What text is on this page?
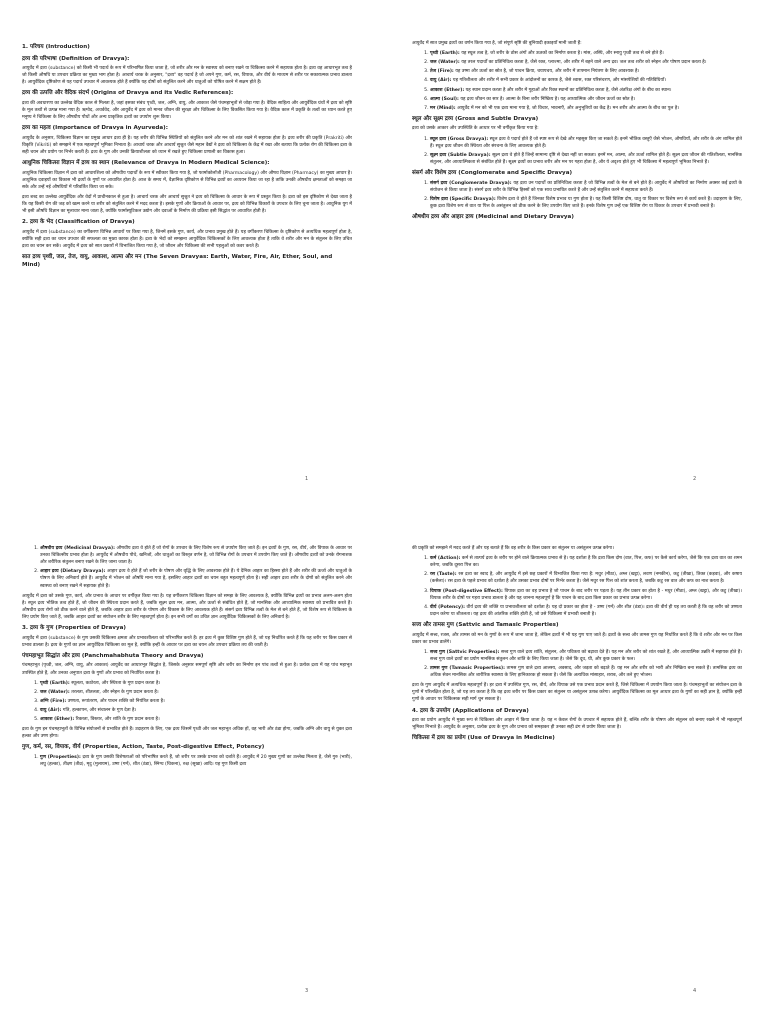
1. परिचय (Introduction)
द्रव्य की परिभाषा (Definition of Dravya):

आयुर्वेद में द्रव्य (substance) को किसी भी पदार्थ के रूप में परिभाषित किया जाता है, जो शरीर और मन के स्वास्थ्य को बनाए रखने या चिकित्सा करने में सहायक होता है। द्रव्य वह आधारभूत तत्व है जो किसी औषधि या उपचार प्रक्रिया का मुख्य भाग होता है। आचार्य चरक के अनुसार, "द्रव्य" वह पदार्थ है जो अपने गुण, कर्म, रस, विपाक, और वीर्य के माध्यम से शरीर पर सकारात्मक प्रभाव डालता है। आयुर्वेदिक दृष्टिकोण से यह पदार्थ उपचार में आवश्यक होते हैं क्योंकि यह दोषों को संतुलित करने और धातुओं को पोषित करने में सक्षम होते हैं।

द्रव्य की उत्पत्ति और वैदिक संदर्भ (Origins of Dravya and its Vedic References):

द्रव्य की अवधारणा का उल्लेख वैदिक काल से मिलता है, जहां इसका संबंध पृथ्वी, जल, अग्नि, वायु, और आकाश जैसे पंचमहाभूतों से जोड़ा गया है। वैदिक साहित्य और आयुर्वेदिक ग्रंथों में द्रव्य को सृष्टि के मूल तत्वों से उत्पन्न माना गया है। ऋग्वेद, अथर्ववेद, और आयुर्वेद में द्रव्य को मानव जीवन की सुरक्षा और चिकित्सा के लिए विकसित किया गया है। वैदिक काल में प्रकृति के तत्वों का ध्यान करते हुए मनुष्य ने चिकित्सा के लिए औषधीय पौधों और अन्य प्राकृतिक द्रव्यों का उपयोग शुरू किया।

द्रव्य का महत्व (Importance of Dravya in Ayurveda):

आयुर्वेद के अनुसार, चिकित्सा विज्ञान का प्रमुख आधार द्रव्य ही है। यह शरीर की विभिन्न स्थितियों को संतुलित करने और मन को शांत रखने में सहायक होता है। द्रव्य शरीर की प्रकृति (Prakriti) और विकृति (Vikriti) को समझने में एक महत्वपूर्ण भूमिका निभाता है। आचार्य चरक और आचार्य सुश्रुत जैसे महान वैद्यों ने द्रव्य को चिकित्सा के केंद्र में रखा और बताया कि प्रत्येक रोग की चिकित्सा द्रव्य के सही चयन और प्रयोग पर निर्भर करती है। द्रव्य के गुण और उनकी क्रियाशीलता को ध्यान में रखते हुए चिकित्सा प्रणाली का विकास हुआ।

आधुनिक चिकित्सा विज्ञान में द्रव्य का स्थान (Relevance of Dravya in Modern Medical Science):

आधुनिक चिकित्सा विज्ञान में द्रव्य को आधारशिला को औषधीय पदार्थों के रूप में स्वीकार किया गया है, जो फार्माकोलॉजी (Pharmacology) और औषध विज्ञान (Pharmacy) का मुख्य आधार है। आधुनिक दवाइयों का विकास भी द्रव्यों के गुणों पर आधारित होता है। आज के समय में, वैज्ञानिक दृष्टिकोण से विभिन्न द्रव्यों का अध्ययन किया जा रहा है ताकि उनकी औषधीय क्षमताओं को समझा जा सके और उन्हें नई औषधियों में परिवर्तित किया जा सके।

द्रव्य शब्द का उल्लेख आयुर्वेदिक और वेदों में प्राचीनकाल से हुआ है। आचार्य चरक और आचार्य सुश्रुत ने द्रव्य को चिकित्सा के आधार के रूप में प्रस्तुत किया है। द्रव्य को इस दृष्टिकोण से देखा जाता है कि यह किसी रोग की जड़ को खत्म करने या शरीर को संतुलित करने में मदद करता है। इसके गुणों और क्रियाओं के आधार पर, द्रव्य को विभिन्न विकारों के उपचार के लिए चुना जाता है। आधुनिक युग में भी इसी औषधि विज्ञान का मूलाधार माना जाता है, क्योंकि फार्मास्यूटिकल उद्योग और दवाओं के निर्माण की प्रक्रिया इसी सिद्धांत पर आधारित होती है।

2. द्रव्य के भेद (Classification of Dravya)

आयुर्वेद में द्रव्य (substance) का वर्गीकरण विभिन्न आधारों पर किया गया है, जिनमें इसके गुण, कार्य, और प्रभाव प्रमुख होते हैं। यह वर्गीकरण चिकित्सा के दृष्टिकोण से अत्यधिक महत्वपूर्ण होता है, क्योंकि सही द्रव्य का चयन उपचार की सफलता का मुख्य कारक होता है। द्रव्य के भेदों को समझना आयुर्वेदिक चिकित्सकों के लिए आवश्यक होता है ताकि वे शरीर और मन के संतुलन के लिए उचित द्रव्य का चयन कर सकें। आयुर्वेद में द्रव्य को सात प्रकारों में विभाजित किया गया है, जो जीवन और चिकित्सा की सभी पहलुओं को कवर करते हैं।

सात द्रव्य पृथ्वी, जल, तेज, वायु, आकाश, आत्मा और मन (The Seven Dravyas: Earth, Water, Fire, Air, Ether, Soul, and Mind)

आयुर्वेद में सात प्रमुख द्रव्यों का वर्णन किया गया है, जो संपूर्ण सृष्टि की बुनियादी इकाइयाँ मानी जाती हैं:

1. पृथ्वी (Earth): यह स्थूल तत्व है, जो शरीर के ठोस अंगों और ऊतकों का निर्माण करता है। मांस, अस्थि, और स्नायु पृथ्वी तत्व से बने होते हैं।
2. जल (Water): यह तरल पदार्थों का प्रतिनिधित्व करता है, जैसे रक्त, प्लाज्मा, और शरीर में बहने वाले अन्य द्रव। जल तत्व शरीर को स्नेहन और पोषण प्रदान करता है।
3. तेज (Fire): यह उष्मा और ऊर्जा का स्रोत है, जो पाचन क्रिया, चयापचय, और शरीर में तापमान नियंत्रण के लिए आवश्यक है।
4. वायु (Air): यह गतिशीलता और शरीर में सभी प्रकार के आंदोलनों का कारक है, जैसे श्वास, रक्त परिसंचरण, और मांसपेशियों की गतिविधियाँ।
5. आकाश (Ether): यह स्थान प्रदान करता है और शरीर में गुहाओं और रिक्त स्थानों का प्रतिनिधित्व करता है, जैसे अंतरिक्ष अंगों के बीच का स्थान।
6. आत्मा (Soul): यह द्रव्य जीवन का सार है। आत्मा के बिना शरीर निष्क्रिय है। यह आध्यात्मिक और जीवन ऊर्जा का स्रोत है।
7. मन (Mind): आयुर्वेद में मन को भी एक द्रव्य माना गया है, जो विचार, भावनाएँ, और अनुभूतियों का केंद्र है। मन शरीर और आत्मा के बीच का पुल है।
स्थूल और सूक्ष्म द्रव्य (Gross and Subtle Dravya)

द्रव्य को उसके आकार और उपस्थिति के आधार पर भी वर्गीकृत किया गया है:

1. स्थूल द्रव्य (Gross Dravya): स्थूल द्रव्य वे पदार्थ होते हैं जो स्पष्ट रूप से देखे और महसूस किए जा सकते हैं। इनमें भौतिक वस्तुएँ जैसे भोजन, औषधियाँ, और शरीर के अंग शामिल होते हैं। स्थूल द्रव्य जीवन की स्थिरता और संरचना के लिए आवश्यक होते हैं।
2. सूक्ष्म द्रव्य (Subtle Dravya): सूक्ष्म द्रव्य वे होते हैं जिन्हें सामान्य दृष्टि से देखा नहीं जा सकता। इनमें मन, आत्मा, और ऊर्जा शामिल होते हैं। सूक्ष्म द्रव्य जीवन की गतिशीलता, मानसिक संतुलन, और आध्यात्मिकता से संबंधित होते हैं। सूक्ष्म द्रव्यों का प्रभाव शरीर और मन पर गहरा होता है, और ये अदृश्य होते हुए भी चिकित्सा में महत्वपूर्ण भूमिका निभाते हैं।
संसर्ग और विशेष द्रव्य (Conglomerate and Specific Dravya)
1. संसर्ग द्रव्य (Conglomerate Dravya): यह द्रव्य उन पदार्थों का प्रतिनिधित्व करता है जो विभिन्न तत्वों के मेल से बने होते हैं। आयुर्वेद में औषधियों का निर्माण अक्सर कई द्रव्यों के संयोजन से किया जाता है। संसर्ग द्रव्य शरीर के विभिन्न हिस्सों को एक साथ प्रभावित करते हैं और उन्हें संतुलित करने में सहायता करते हैं।
2. विशेष द्रव्य (Specific Dravya): विशेष द्रव्य वे होते हैं जिनका विशेष प्रभाव या गुण होता है। यह किसी विशिष्ट दोष, धातु या विकार पर विशेष रूप से कार्य करते हैं। उदाहरण के लिए, कुछ द्रव्य विशेष रूप से वात या पित्त के असंतुलन को ठीक करने के लिए उपयोग किए जाते हैं। इनके विशेष गुण उन्हें एक विशिष्ट रोग या विकार के उपचार में प्रभावी बनाते हैं।
औषधीय द्रव्य और आहार द्रव्य (Medicinal and Dietary Dravya)
1. औषधीय द्रव्य (Medicinal Dravya): औषधीय द्रव्य वे होते हैं जो रोगों के उपचार के लिए विशेष रूप से उपयोग किए जाते हैं। इन द्रव्यों के गुण, रस, वीर्य, और विपाक के आधार पर उनका चिकित्सीय प्रभाव होता है। आयुर्वेद में औषधीय पौधे, खनिजों, और धातुओं का विस्तृत वर्णन है, जो विभिन्न रोगों के उपचार में उपयोग किए जाते हैं। औषधीय द्रव्यों को उनके रोगनाशक और शरीरिक संतुलन बनाए रखने के लिए जाना जाता है।
2. आहार द्रव्य (Dietary Dravya): आहार द्रव्य वे होते हैं जो शरीर के पोषण और वृद्धि के लिए आवश्यक होते हैं। ये दैनिक आहार का हिस्सा होते हैं और शरीर की ऊर्जा और धातुओं के पोषण के लिए अनिवार्य होते हैं। आयुर्वेद में भोजन को औषधि माना गया है, इसलिए आहार द्रव्यों का चयन बहुत महत्वपूर्ण होता है। सही आहार द्रव्य शरीर के दोषों को संतुलित करने और स्वास्थ्य को बनाए रखने में सहायक होते हैं।

आयुर्वेद में द्रव्य को उसके गुण, कार्य, और प्रभाव के आधार पर वर्गीकृत किया गया है। यह वर्गीकरण चिकित्सा विज्ञान को समझ के लिए आवश्यक है, क्योंकि विभिन्न द्रव्यों का प्रभाव अलग-अलग होता है। स्थूल द्रव्य भौतिक तत्व होते हैं, जो जीवन की स्थिरता प्रदान करते हैं, जबकि सूक्ष्म द्रव्य मन, आत्मा, और ऊर्जा से संबंधित होते हैं, जो मानसिक और आध्यात्मिक स्वास्थ्य को प्रभावित करते हैं। औषधीय द्रव्य रोगों को ठीक करने वाले होते हैं, जबकि आहार द्रव्य शरीर के पोषण और विकास के लिए आवश्यक होते हैं। संसर्ग द्रव्य विभिन्न तत्वों के मेल से बने होते हैं, जो विशेष रूप से चिकित्सा के लिए प्रयोग किए जाते हैं, जबकि आहार द्रव्यों का संयोजन शरीर के लिए महत्वपूर्ण होता है। इन सभी वर्गों का उचित ज्ञान आयुर्वेदिक चिकित्सकों के लिए अनिवार्य है।

3. द्रव्य के गुण (Properties of Dravya)

आयुर्वेद में द्रव्य (substance) के गुण उसकी चिकित्सा क्षमता और प्रभावशीलता को परिभाषित करते हैं। हर द्रव्य में कुछ विशिष्ट गुण होते हैं, जो यह निर्धारित करते हैं कि यह शरीर पर किस प्रकार से प्रभाव डालता है। द्रव्य के गुणों का ज्ञान आयुर्वेदिक चिकित्सा का मूल है, क्योंकि इन्हीं के आधार पर द्रव्य का चयन और उपचार प्रक्रिया तय की जाती है।

पंचमहाभूत सिद्धांत और द्रव्य (Panchmahabhuta Theory and Dravya)

पंचमहाभूत (पृथ्वी, जल, अग्नि, वायु, और आकाश) आयुर्वेद का आधारभूत सिद्धांत है, जिसके अनुसार समपूर्ण सृष्टि और शरीर का निर्माण इन पांच तत्वों से हुआ है। प्रत्येक द्रव्य में यह पांच महाभूत उपस्थित होते हैं, और उनका अनुपात द्रव्य के गुणों और प्रभाव को निर्धारित करता है।

1. पृथ्वी (Earth): स्थूलता, कठोरता, और स्थिरता के गुण प्रदान करता है।
2. जल (Water): तरलता, शीतलता, और स्नेहन के गुण प्रदान करता है।
3. अग्नि (Fire): उष्णता, रूपांतरण, और पाचन शक्ति को नियंत्रित करता है।
4. वायु (Air): गति, हल्कापन, और संचालन के गुण देता है।
5. आकाश (Ether): रिक्तता, विस्तार, और शांति के गुण प्रदान करता है।

द्रव्य के गुण इन पंचमहाभूतों के विभिन्न संयोजनों से प्रभावित होते हैं। उदाहरण के लिए, एक द्रव्य जिसमें पृथ्वी और जल महाभूत अधिक हों, वह भारी और ठंडा होगा, जबकि अग्नि और वायु से युक्त द्रव्य हल्का और उष्ण होगा।

गुण, कर्म, रस, विपाक, वीर्य (Properties, Action, Taste, Post-digestive Effect, Potency)
1. गुण (Properties): द्रव्य के गुण उसकी विशेषताओं को परिभाषित करते हैं, जो शरीर पर उसके प्रभाव को दर्शाते हैं। आयुर्वेद में 20 मुख्य गुणों का उल्लेख मिलता है, जैसे गुरु (भारी), लघु (हल्का), तीक्ष्ण (तीव्र), मृदु (मुलायम), उष्ण (गर्म), शीत (ठंडा), स्निग्ध (चिकना), रुक्ष (सूखा) आदि। यह गुण किसी द्रव्य

की प्रकृति को समझने में मदद करते हैं और यह बताते हैं कि वह शरीर के किस प्रकार का संतुलन या असंतुलन उत्पन्न करेगा।

1. कर्म (Action): कर्म से तात्पर्य द्रव्य के शरीर पर होने वाले क्रियात्मक प्रभाव से है। यह दर्शाता है कि द्रव्य किस दोष (वात, पित्त, कफ) पर कैसे कार्य करेगा, जैसे कि एक द्रव्य वात का शमन करेगा, जबकि दूसरा पित्त का।
2. रस (Taste): रस द्रव्य का स्वाद है, और आयुर्वेद में इसे छह प्रकारों में विभाजित किया गया है: मधुर (मीठा), अम्ल (खट्टा), लवण (नमकीन), कटु (तीखा), तिक्त (कड़वा), और कषाय (कसैला)। रस द्रव्य के पहले प्रभाव को दर्शाता है और उसका प्रभाव दोषों पर निर्भर करता है। जैसे मधुर रस पित्त को शांत करता है, जबकि कटु रस वात और कफ का नाश करता है।
3. विपाक (Post-digestive Effect): विपाक द्रव्य का वह प्रभाव है जो पाचन के बाद शरीर पर पड़ता है। यह तीन प्रकार का होता है - मधुर (मीठा), अम्ल (खट्टा), और कटु (तीखा)। विपाक शरीर के दोषों पर गहरा प्रभाव डालता है और यह जानना महत्वपूर्ण है कि पाचन के बाद द्रव्य किस प्रकार का प्रभाव उत्पन्न करेगा।
4. वीर्य (Potency): वीर्य द्रव्य की शक्ति या प्रभावशीलता को दर्शाता है। यह दो प्रकार का होता है - उष्ण (गर्म) और शीत (ठंडा)। द्रव्य की वीर्य ही यह तय करती है कि वह शरीर को उष्णता प्रदान करेगा या शीतलता। यह द्रव्य की आंतरिक शक्ति होती है, जो उसे चिकित्सा में प्रभावी बनाती है।
सत्त्व और तामस गुण (Sattvic and Tamasic Properties)

आयुर्वेद में सत्त्व, रजस, और तामस को मन के गुणों के रूप में जाना जाता है, लेकिन द्रव्यों में भी यह गुण पाए जाते हैं। द्रव्यों के सत्त्व और तामस गुण यह निर्धारित करते हैं कि वे शरीर और मन पर किस प्रकार का प्रभाव डालेंगे।

1. सत्त्व गुण (Sattvic Properties): सत्त्व गुण वाले द्रव्य शांति, संतुलन, और पवित्रता को बढ़ावा देते हैं। यह मन और शरीर को शांत रखते हैं, और आध्यात्मिक उन्नति में सहायक होते हैं। सत्त्व गुण वाले द्रव्यों का प्रयोग मानसिक संतुलन और शांति के लिए किया जाता है। जैसे कि दूध, घी, और कुछ प्रकार के फल।
2. तामस गुण (Tamasic Properties): तामस गुण वाले द्रव्य आलस्य, अवसाद, और जड़ता को बढ़ाते हैं। यह मन और शरीर को भारी और निष्क्रिय बना सकते हैं। तामसिक द्रव्य का अधिक सेवन मानसिक और शारीरिक स्वास्थ्य के लिए हानिकारक हो सकता है। जैसे कि अत्यधिक मांसाहार, शराब, और तले हुए भोजन।

द्रव्य के गुण आयुर्वेद में अत्यधिक महत्वपूर्ण हैं। हर द्रव्य में उपस्थित गुण, रस, वीर्य, और विपाक उसे एक प्रभाव प्रदान करते हैं, जिसे चिकित्सा में उपयोग किया जाता है। पंचमहाभूतों का संयोजन द्रव्य के गुणों में परिलक्षित होता है, जो यह तय करता है कि वह द्रव्य शरीर पर किस प्रकार का संतुलन या असंतुलन उत्पन्न करेगा। आयुर्वेदिक चिकित्सा का मूल आधार द्रव्य के गुणों का सही ज्ञान है, क्योंकि इन्हीं गुणों के आधार पर चिकित्सक सही मार्ग चुन सकता है।

4. द्रव्य के उपयोग (Applications of Dravya)

द्रव्य का प्रयोग आयुर्वेद में मुख्य रूप से चिकित्सा और आहार में किया जाता है। यह न केवल रोगों के उपचार में सहायक होते हैं, बल्कि शरीर के पोषण और संतुलन को बनाए रखने में भी महत्वपूर्ण भूमिका निभाते हैं। आयुर्वेद के अनुसार, प्रत्येक द्रव्य के गुण और प्रभाव को समझकर ही उनका सही ढंग से प्रयोग किया जाता है।

चिकित्सा में द्रव्य का प्रयोग (Use of Dravya in Medicine)
1	2
3	4
